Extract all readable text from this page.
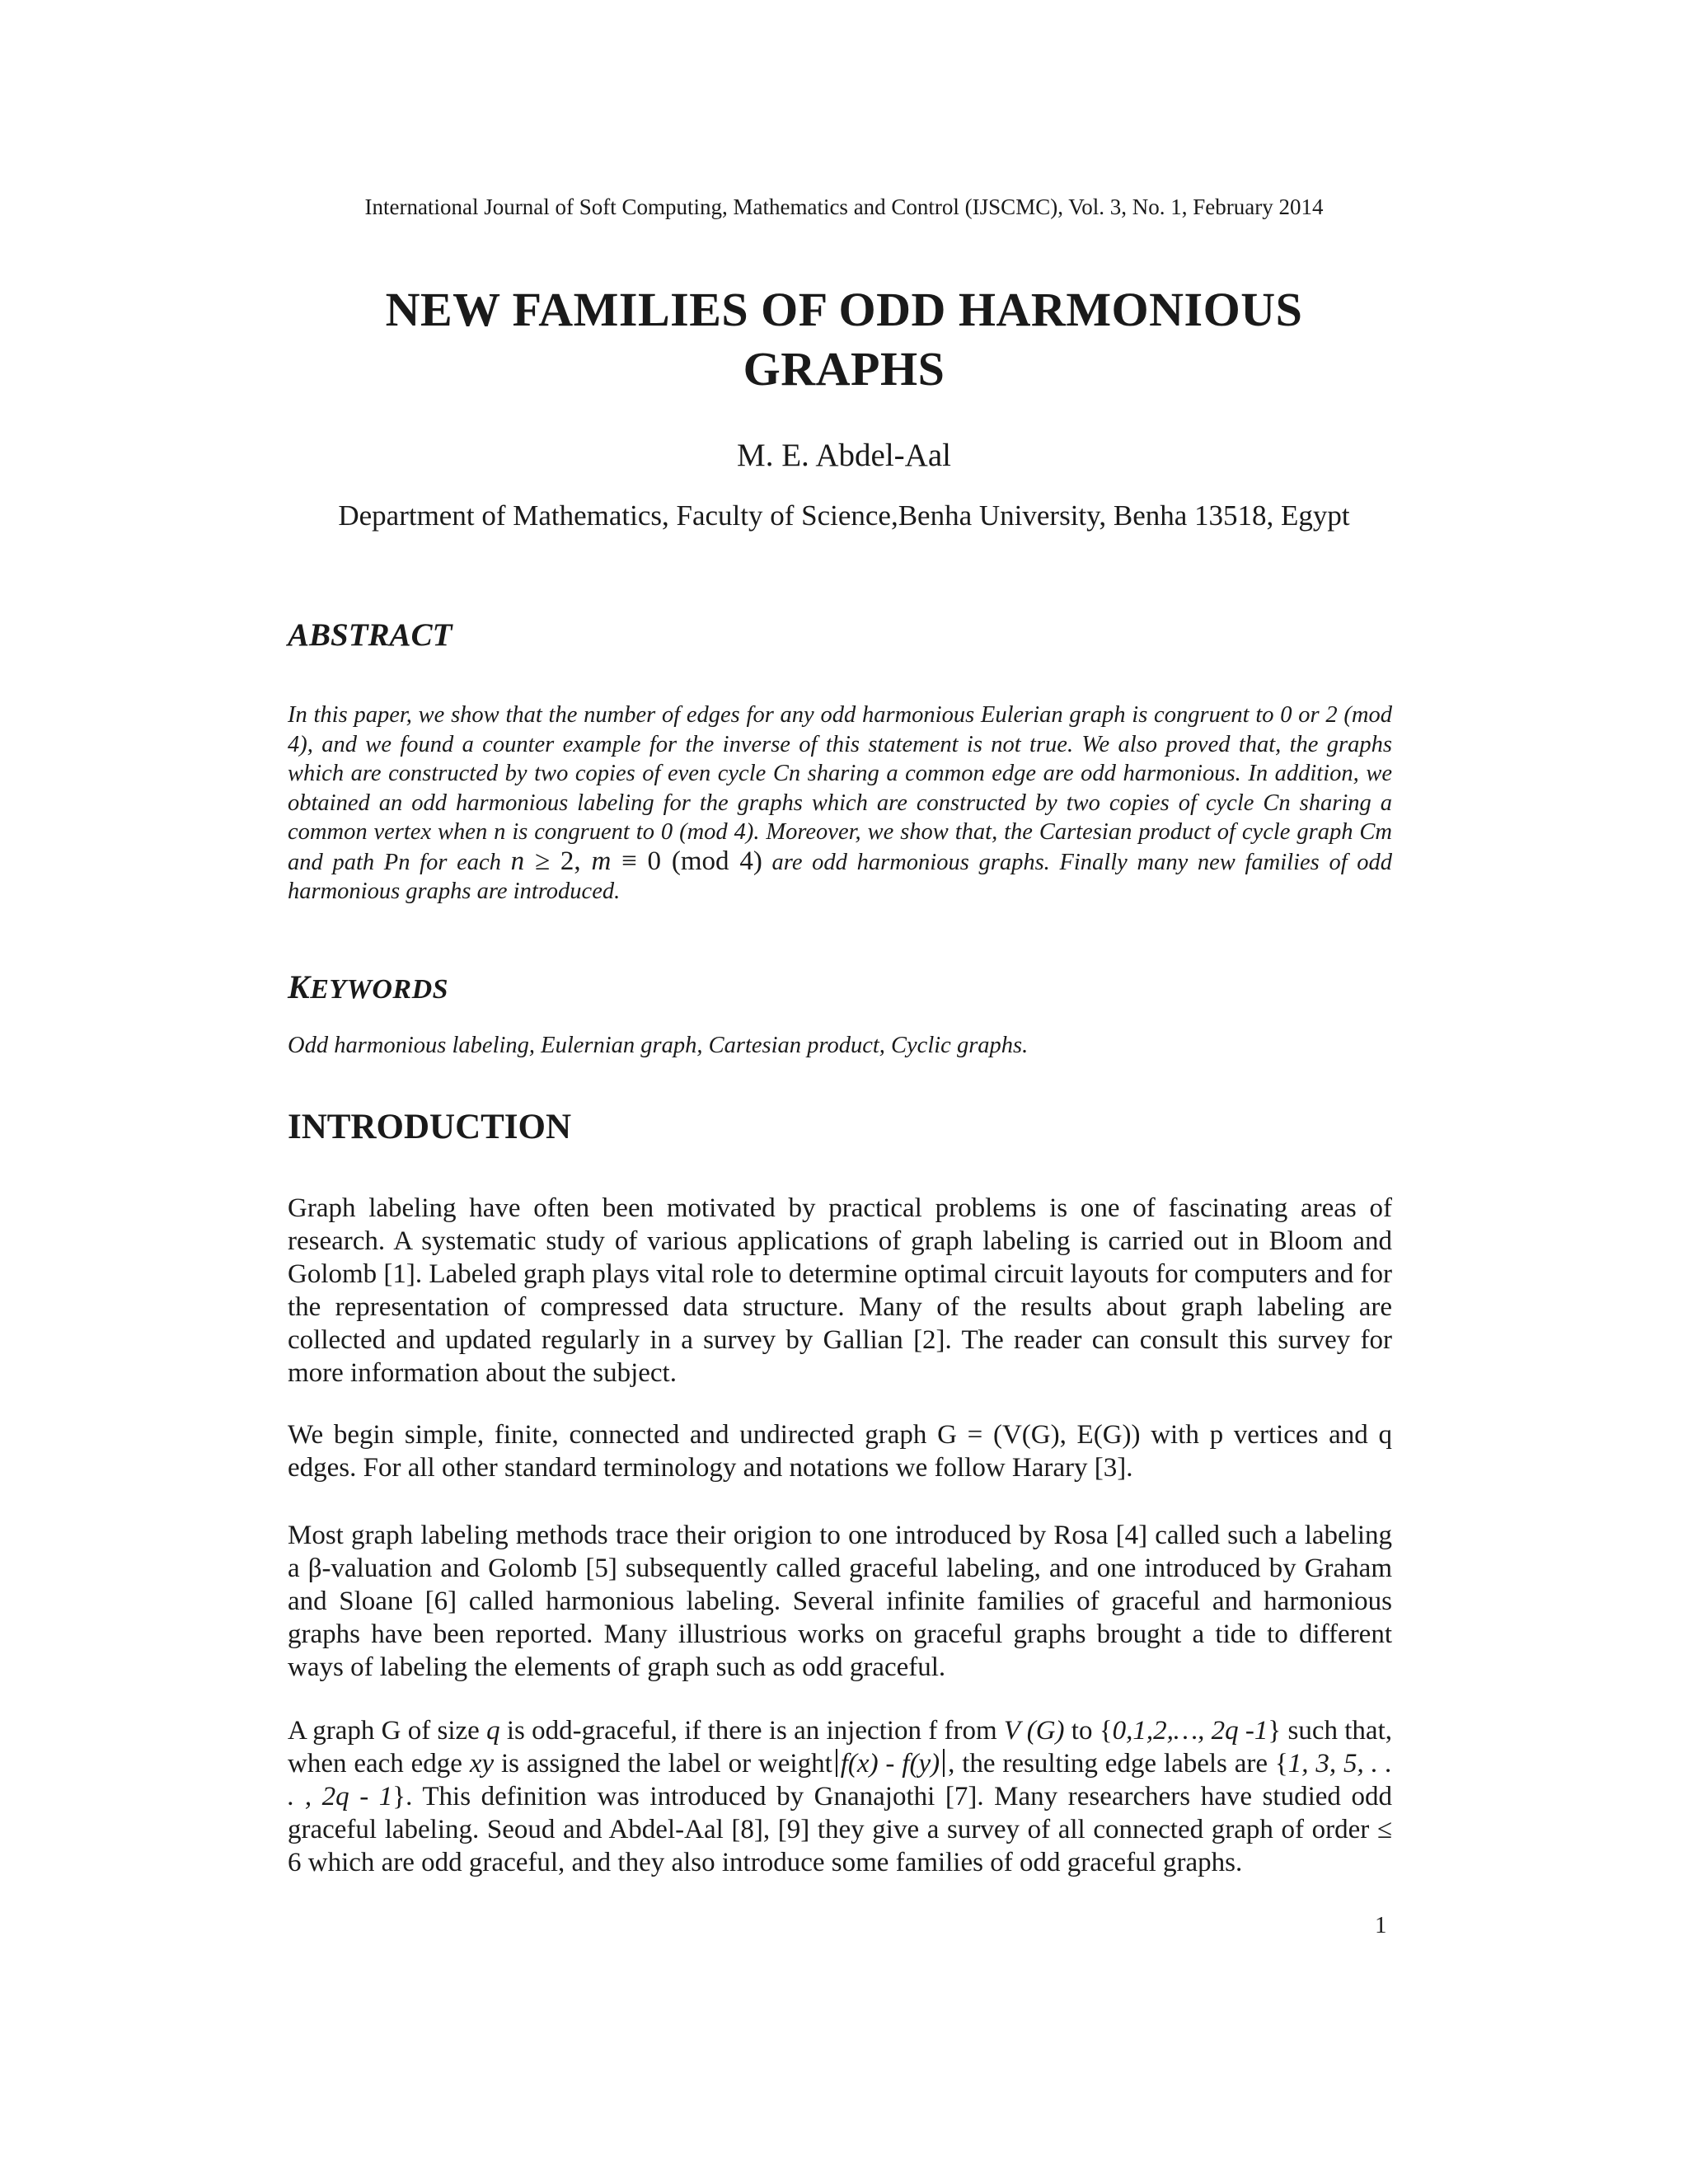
International Journal of Soft Computing, Mathematics and Control (IJSCMC), Vol. 3, No. 1, February 2014
NEW FAMILIES OF ODD HARMONIOUS
GRAPHS
M. E. Abdel-Aal
Department of Mathematics, Faculty of Science,Benha University, Benha 13518, Egypt
ABSTRACT
In this paper, we show that the number of edges for any odd harmonious Eulerian graph is congruent to 0 or 2 (mod 4), and we found a counter example for the inverse of this statement is not true. We also proved that, the graphs which are constructed by two copies of even cycle Cn sharing a common edge are odd harmonious. In addition, we obtained an odd harmonious labeling for the graphs which are constructed by two copies of cycle Cn sharing a common vertex when n is congruent to 0 (mod 4). Moreover, we show that, the Cartesian product of cycle graph Cm and path Pn for each n ≥ 2, m ≡ 0 (mod 4) are odd harmonious graphs. Finally many new families of odd harmonious graphs are introduced.
KEYWORDS
Odd harmonious labeling, Eulernian graph, Cartesian product, Cyclic graphs.
INTRODUCTION
Graph labeling have often been motivated by practical problems is one of fascinating areas of research. A systematic study of various applications of graph labeling is carried out in Bloom and Golomb [1]. Labeled graph plays vital role to determine optimal circuit layouts for computers and for the representation of compressed data structure. Many of the results about graph labeling are collected and updated regularly in a survey by Gallian [2]. The reader can consult this survey for more information about the subject.
We begin simple, finite, connected and undirected graph G = (V(G), E(G)) with p vertices and q edges. For all other standard terminology and notations we follow Harary [3].
Most graph labeling methods trace their origion to one introduced by Rosa [4] called such a labeling a β-valuation and Golomb [5] subsequently called graceful labeling, and one introduced by Graham and Sloane [6] called harmonious labeling. Several infinite families of graceful and harmonious graphs have been reported. Many illustrious works on graceful graphs brought a tide to different ways of labeling the elements of graph such as odd graceful.
A graph G of size q is odd-graceful, if there is an injection f from V (G) to {0,1,2,…, 2q -1} such that, when each edge xy is assigned the label or weight f(x) - f(y) , the resulting edge labels are {1, 3, 5, . . . , 2q - 1}. This definition was introduced by Gnanajothi [7]. Many researchers have studied odd graceful labeling. Seoud and Abdel-Aal [8], [9] they give a survey of all connected graph of order ≤ 6 which are odd graceful, and they also introduce some families of odd graceful graphs.
1
